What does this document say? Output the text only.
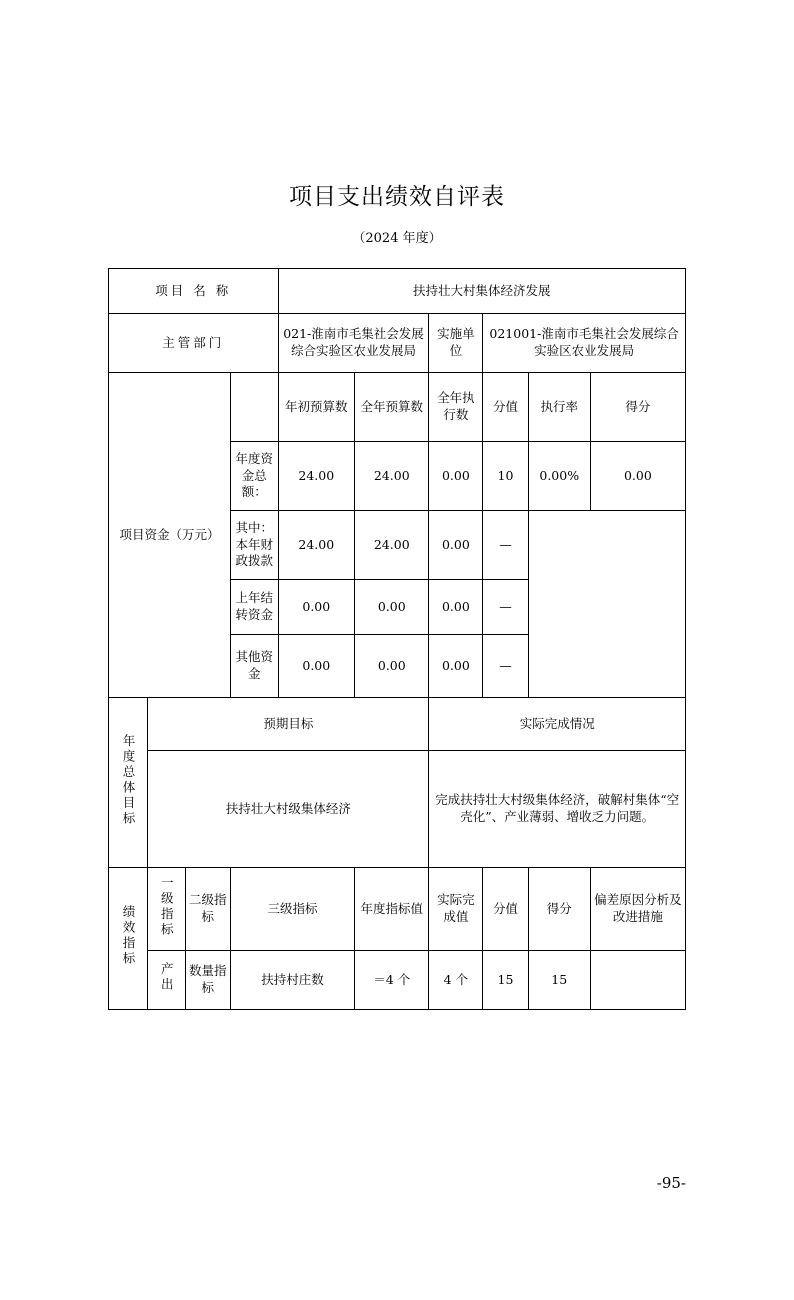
项目支出绩效自评表
（2024 年度）
项目 名 称				扶持壮大村集体经济发展					
主管部门				021-淮南市毛集社会发展综合实验区农业发展局		实施单位	021001-淮南市毛集社会发展综合实验区农业发展局		
项目资金（万元）				年初预算数	全年预算数	全年执行数	分值	执行率	得分
			年度资金总额：	24.00	24.00	0.00	10	0.00%	0.00
			其中：本年财政拨款	24.00	24.00	0.00	—		
			上年结转资金	0.00	0.00	0.00	—		
			其他资金	0.00	0.00	0.00	—		
年度总体目标	预期目标					实际完成情况			
	扶持壮大村级集体经济					完成扶持壮大村级集体经济，破解村集体“空壳化”、产业薄弱、增收乏力问题。			
绩效指标	一级指标	二级指标	三级指标		年度指标值	实际完成值	分值	得分	偏差原因分析及改进措施
	产出	数量指标	扶持村庄数		＝4 个	4 个	15	15	
-95-
